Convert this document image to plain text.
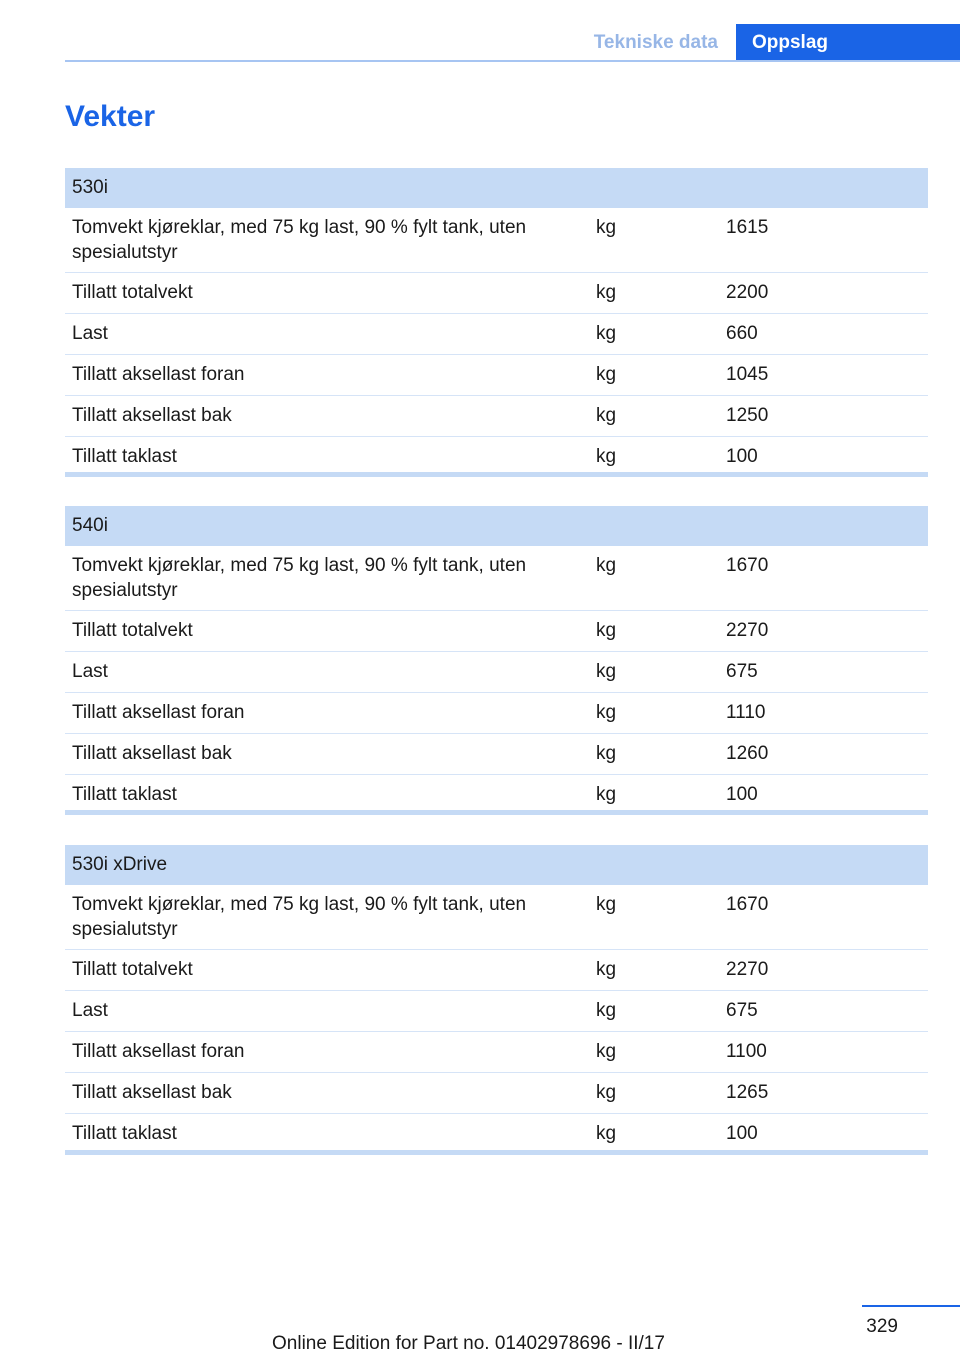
Tekniske data	Oppslag
Vekter
530i		
Tomvekt kjøreklar, med 75 kg last, 90 % fylt tank, uten spesialutstyr	kg	1615
Tillatt totalvekt	kg	2200
Last	kg	660
Tillatt aksellast foran	kg	1045
Tillatt aksellast bak	kg	1250
Tillatt taklast	kg	100
540i		
Tomvekt kjøreklar, med 75 kg last, 90 % fylt tank, uten spesialutstyr	kg	1670
Tillatt totalvekt	kg	2270
Last	kg	675
Tillatt aksellast foran	kg	1110
Tillatt aksellast bak	kg	1260
Tillatt taklast	kg	100
530i xDrive		
Tomvekt kjøreklar, med 75 kg last, 90 % fylt tank, uten spesialutstyr	kg	1670
Tillatt totalvekt	kg	2270
Last	kg	675
Tillatt aksellast foran	kg	1100
Tillatt aksellast bak	kg	1265
Tillatt taklast	kg	100
329
Online Edition for Part no. 01402978696 - II/17
